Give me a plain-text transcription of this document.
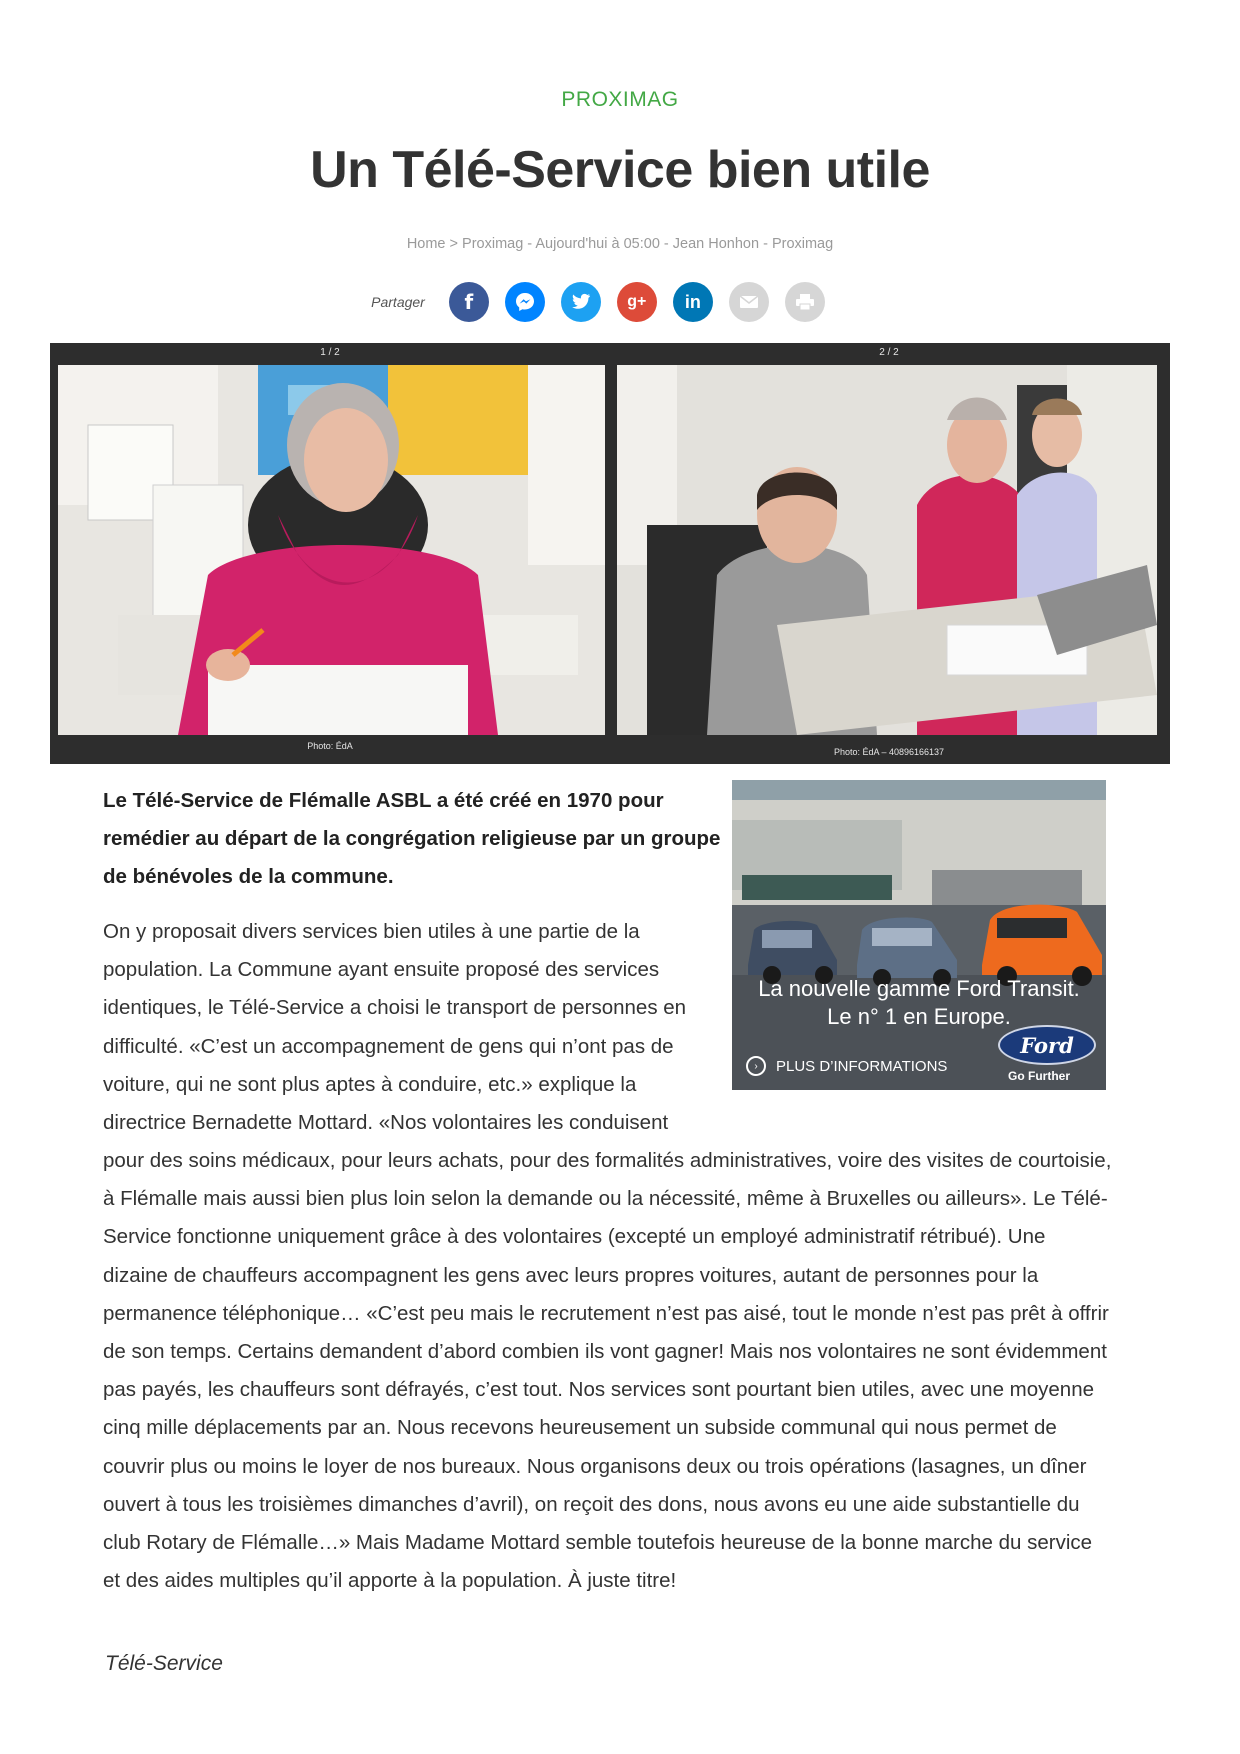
PROXIMAG
Un Télé-Service bien utile
Home > Proximag - Aujourd'hui à 05:00 - Jean Honhon - Proximag
Partager f	g+ in
1 / 2
Photo: ÉdA
2 / 2
Photo: ÉdA – 40896166137

Le Télé-Service de Flémalle ASBL a été créé en 1970 pour remédier au départ de la congrégation religieuse par un groupe de bénévoles de la commune.

La nouvelle gamme Ford Transit.
Le n° 1 en Europe.
›	PLUS D’INFORMATIONS
Ford
Go Further

On y proposait divers services bien utiles à une partie de la population. La Commune ayant ensuite proposé des services identiques, le Télé-Service a choisi le transport de personnes en difficulté. «C’est un accompagnement de gens qui n’ont pas de voiture, qui ne sont plus aptes à conduire, etc.» explique la directrice Bernadette Mottard. «Nos volontaires les conduisent

pour des soins médicaux, pour leurs achats, pour des formalités administratives, voire des visites de courtoisie, à Flémalle mais aussi bien plus loin selon la demande ou la nécessité, même à Bruxelles ou ailleurs». Le Télé-Service fonctionne uniquement grâce à des volontaires (excepté un employé administratif rétribué). Une dizaine de chauffeurs accompagnent les gens avec leurs propres voitures, autant de personnes pour la permanence téléphonique… «C’est peu mais le recrutement n’est pas aisé, tout le monde n’est pas prêt à offrir de son temps. Certains demandent d’abord combien ils vont gagner! Mais nos volontaires ne sont évidemment pas payés, les chauffeurs sont défrayés, c’est tout. Nos services sont pourtant bien utiles, avec une moyenne cinq mille déplacements par an. Nous recevons heureusement un subside communal qui nous permet de couvrir plus ou moins le loyer de nos bureaux. Nous organisons deux ou trois opérations (lasagnes, un dîner ouvert à tous les troisièmes dimanches d’avril), on reçoit des dons, nous avons eu une aide substantielle du club Rotary de Flémalle…» Mais Madame Mottard semble toutefois heureuse de la bonne marche du service et des aides multiples qu’il apporte à la population. À juste titre!

Télé-Service
